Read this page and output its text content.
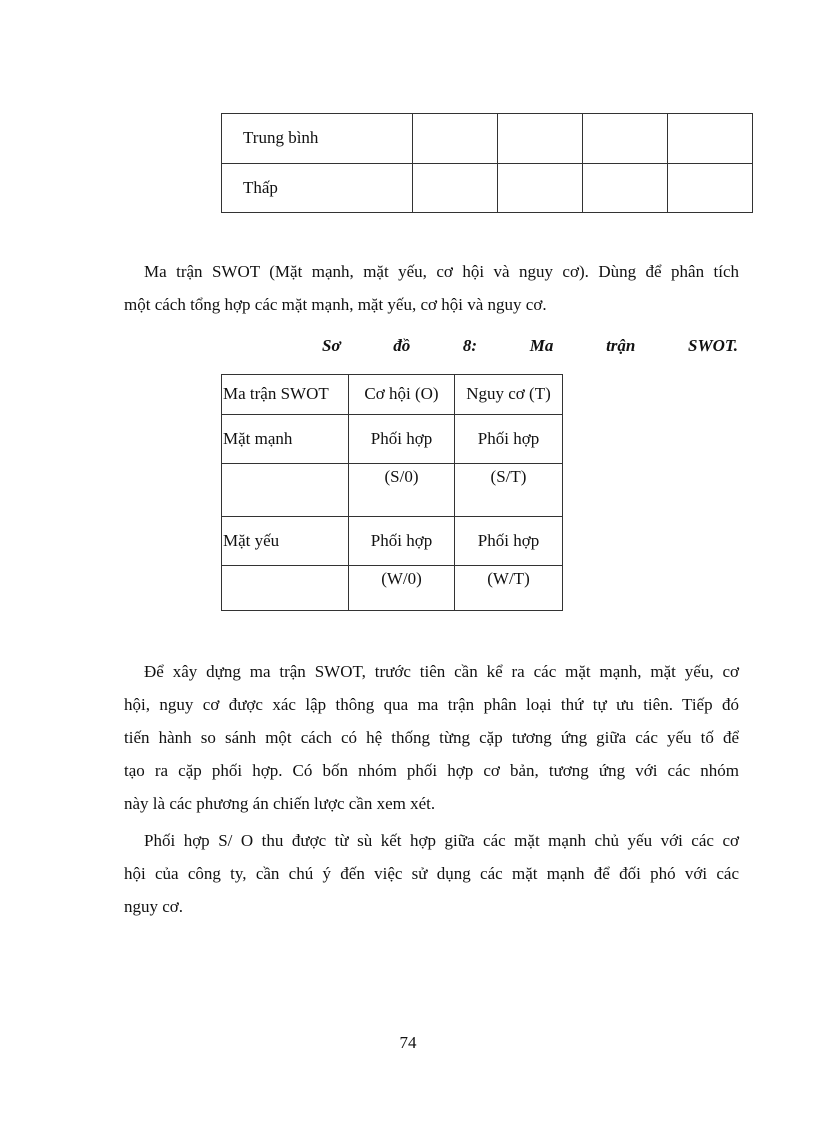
Trung bình				
Thấp				
Ma trận SWOT (Mặt mạnh, mặt yếu, cơ hội và nguy cơ). Dùng để phân tích
một cách tổng hợp các mặt mạnh, mặt yếu, cơ hội và nguy cơ.
Sơ	đồ	8:	Ma	trận	SWOT.
Ma trận SWOT	Cơ hội (O)	Nguy cơ (T)
Mặt mạnh	Phối hợp	Phối hợp
	(S/0)	(S/T)
Mặt yếu	Phối hợp	Phối hợp
	(W/0)	(W/T)
Để xây dựng ma trận SWOT, trước tiên cần kể ra các mặt mạnh, mặt yếu, cơ
hội, nguy cơ được xác lập thông qua ma trận phân loại thứ tự ưu tiên. Tiếp đó
tiến hành so sánh một cách có hệ thống từng cặp tương ứng giữa các yếu tố để
tạo ra cặp phối hợp. Có bốn nhóm phối hợp cơ bản, tương ứng với các nhóm
này là các phương án chiến lược cần xem xét.
Phối hợp S/ O thu được từ sù kết hợp giữa các mặt mạnh chủ yếu với các cơ
hội của công ty, cần chú ý đến việc sử dụng các mặt mạnh để đối phó với các
nguy cơ.
74
